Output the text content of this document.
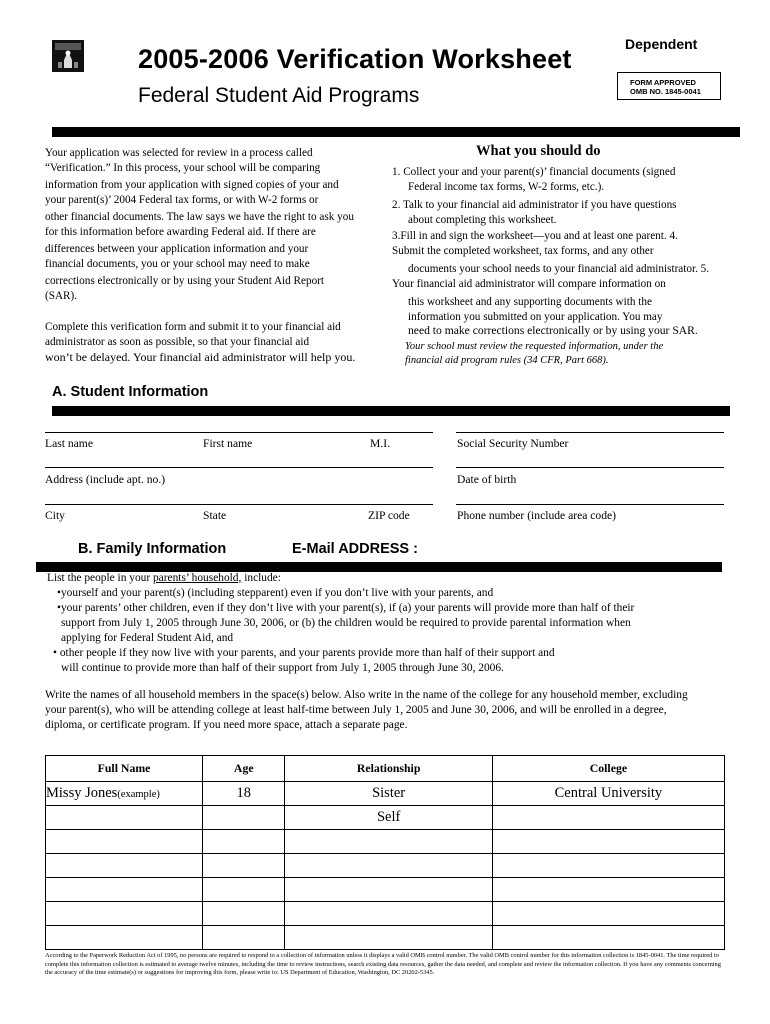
2005-2006 Verification Worksheet
Federal Student Aid Programs
Dependent
FORM APPROVED
OMB NO. 1845-0041
Your application was selected for review in a process called
“Verification.” In this process, your school will be comparing
information from your application with signed copies of your and
your parent(s)’ 2004 Federal tax forms, or with W-2 forms or
other financial documents. The law says we have the right to ask you
for this information before awarding Federal aid. If there are
differences between your application information and your
financial documents, you or your school may need to make
corrections electronically or by using your Student Aid Report
(SAR).
Complete this verification form and submit it to your financial aid
administrator as soon as possible, so that your financial aid
won’t be delayed. Your financial aid administrator will help you.
What you should do
1. Collect your and your parent(s)’ financial documents (signed
Federal income tax forms, W-2 forms, etc.).
2. Talk to your financial aid administrator if you have questions
about completing this worksheet.
3.Fill in and sign the worksheet—you and at least one parent. 4.
Submit the completed worksheet, tax forms, and any other
documents your school needs to your financial aid administrator. 5.
Your financial aid administrator will compare information on
this worksheet and any supporting documents with the
information you submitted on your application. You may
need to make corrections electronically or by using your SAR.
Your school must review the requested information, under the
financial aid program rules (34 CFR, Part 668).
A. Student Information
Last name	First name	M.I.	Social Security Number
Address (include apt. no.)	Date of birth
City	State	ZIP code	Phone number (include area code)
B. Family Information	E-Mail ADDRESS :
List the people in your parents’ household, include:
•yourself and your parent(s) (including stepparent) even if you don’t live with your parents, and
•your parents’ other children, even if they don’t live with your parent(s), if (a) your parents will provide more than half of their
support from July 1, 2005 through June 30, 2006, or (b) the children would be required to provide parental information when
applying for Federal Student Aid, and
• other people if they now live with your parents, and your parents provide more than half of their support and
will continue to provide more than half of their support from July 1, 2005 through June 30, 2006.
Write the names of all household members in the space(s) below. Also write in the name of the college for any household member, excluding
your parent(s), who will be attending college at least half-time between July 1, 2005 and June 30, 2006, and will be enrolled in a degree,
diploma, or certificate program. If you need more space, attach a separate page.
Full Name	Age	Relationship	College
Missy Jones(example)	18	Sister	Central University
		Self	

According to the Paperwork Reduction Act of 1995, no persons are required to respond to a collection of information unless it displays a valid OMB control number. The valid OMB control number for this information collection is 1845-0041. The time required to complete this information collection is estimated to average twelve minutes, including the time to review instructions, search existing data resources, gather the data needed, and complete and review the information collection. If you have any comments concerning the accuracy of the time estimate(s) or suggestions for improving this form, please write to: US Department of Education, Washington, DC 20202-5345.
